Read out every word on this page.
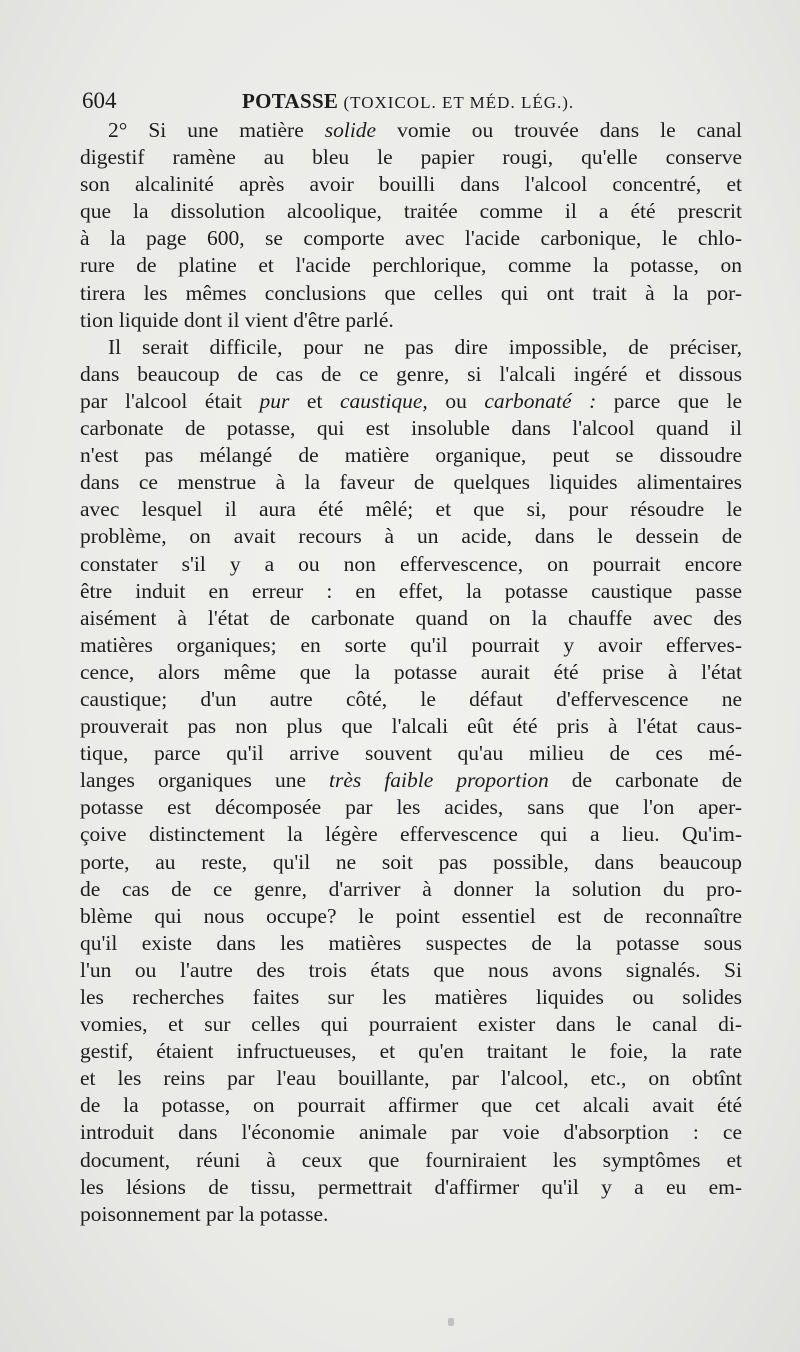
604	POTASSE (TOXICOL. ET MÉD. LÉG.).
2° Si une matière solide vomie ou trouvée dans le canal
digestif ramène au bleu le papier rougi, qu'elle conserve
son alcalinité après avoir bouilli dans l'alcool concentré, et
que la dissolution alcoolique, traitée comme il a été prescrit
à la page 600, se comporte avec l'acide carbonique, le chlo-
rure de platine et l'acide perchlorique, comme la potasse, on
tirera les mêmes conclusions que celles qui ont trait à la por-
tion liquide dont il vient d'être parlé.
Il serait difficile, pour ne pas dire impossible, de préciser,
dans beaucoup de cas de ce genre, si l'alcali ingéré et dissous
par l'alcool était pur et caustique, ou carbonaté : parce que le
carbonate de potasse, qui est insoluble dans l'alcool quand il
n'est pas mélangé de matière organique, peut se dissoudre
dans ce menstrue à la faveur de quelques liquides alimentaires
avec lesquel il aura été mêlé; et que si, pour résoudre le
problème, on avait recours à un acide, dans le dessein de
constater s'il y a ou non effervescence, on pourrait encore
être induit en erreur : en effet, la potasse caustique passe
aisément à l'état de carbonate quand on la chauffe avec des
matières organiques; en sorte qu'il pourrait y avoir efferves-
cence, alors même que la potasse aurait été prise à l'état
caustique; d'un autre côté, le défaut d'effervescence ne
prouverait pas non plus que l'alcali eût été pris à l'état caus-
tique, parce qu'il arrive souvent qu'au milieu de ces mé-
langes organiques une très faible proportion de carbonate de
potasse est décomposée par les acides, sans que l'on aper-
çoive distinctement la légère effervescence qui a lieu. Qu'im-
porte, au reste, qu'il ne soit pas possible, dans beaucoup
de cas de ce genre, d'arriver à donner la solution du pro-
blème qui nous occupe? le point essentiel est de reconnaître
qu'il existe dans les matières suspectes de la potasse sous
l'un ou l'autre des trois états que nous avons signalés. Si
les recherches faites sur les matières liquides ou solides
vomies, et sur celles qui pourraient exister dans le canal di-
gestif, étaient infructueuses, et qu'en traitant le foie, la rate
et les reins par l'eau bouillante, par l'alcool, etc., on obtînt
de la potasse, on pourrait affirmer que cet alcali avait été
introduit dans l'économie animale par voie d'absorption : ce
document, réuni à ceux que fourniraient les symptômes et
les lésions de tissu, permettrait d'affirmer qu'il y a eu em-
poisonnement par la potasse.
